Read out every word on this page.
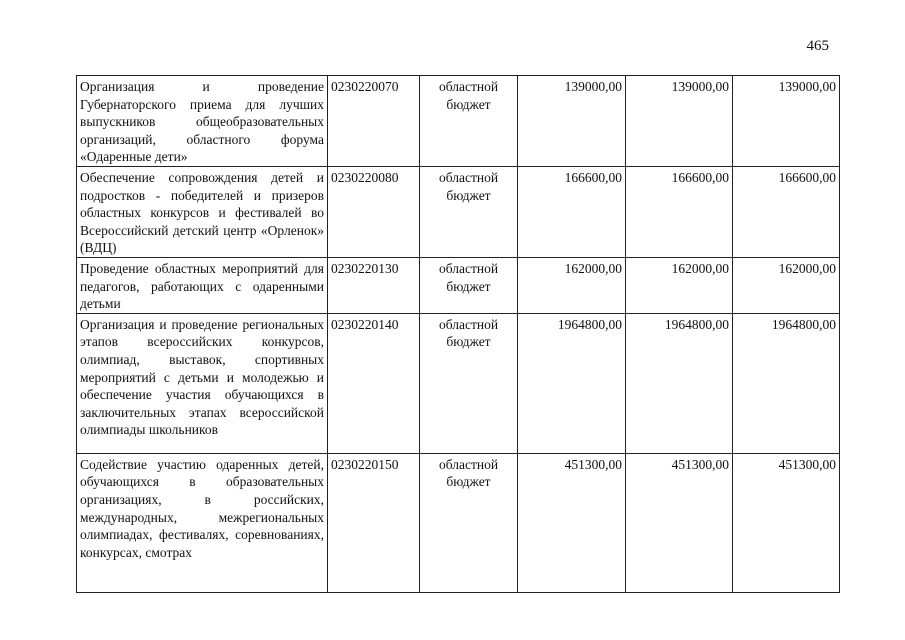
465
Организация и проведение Губернаторского приема для лучших выпускников общеобразовательных организаций, областного форума «Одаренные дети»	0230220070	областной бюджет	139000,00	139000,00	139000,00
Обеспечение сопровождения детей и подростков - победителей и призеров областных конкурсов и фестивалей во Всероссийский детский центр «Орленок» (ВДЦ)	0230220080	областной бюджет	166600,00	166600,00	166600,00
Проведение областных мероприятий для педагогов, работающих с одаренными детьми	0230220130	областной бюджет	162000,00	162000,00	162000,00
Организация и проведение региональных этапов всероссийских конкурсов, олимпиад, выставок, спортивных мероприятий с детьми и молодежью и обеспечение участия обучающихся в заключительных этапах всероссийской олимпиады школьников	0230220140	областной бюджет	1964800,00	1964800,00	1964800,00
Содействие участию одаренных детей, обучающихся в образовательных организациях, в российских, международных, межрегиональных олимпиадах, фестивалях, соревнованиях, конкурсах, смотрах	0230220150	областной бюджет	451300,00	451300,00	451300,00
